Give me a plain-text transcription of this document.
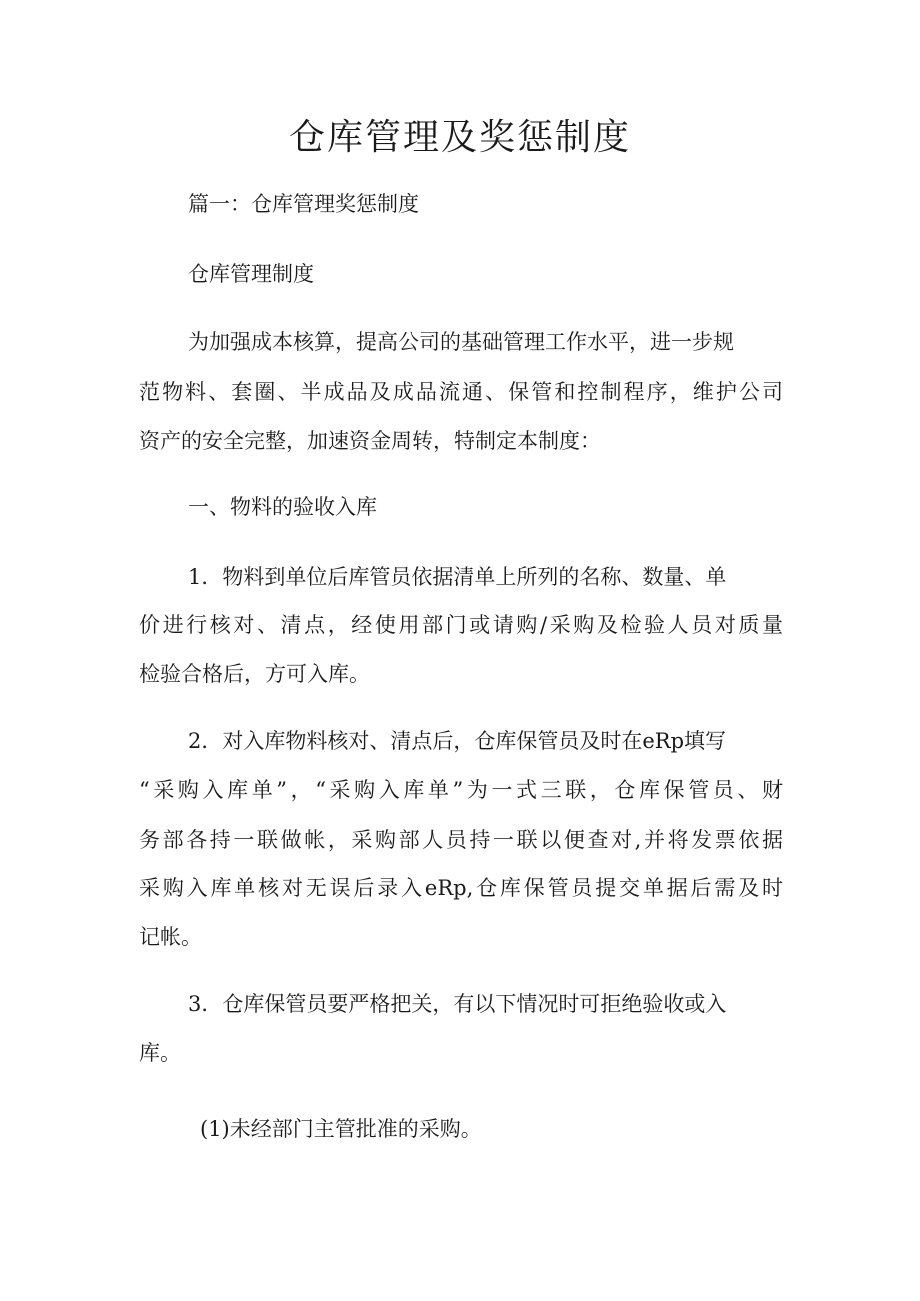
仓库管理及奖惩制度

篇一：仓库管理奖惩制度

仓库管理制度

为加强成本核算，提高公司的基础管理工作水平，进一步规

范物料、套圈、半成品及成品流通、保管和控制程序，维护公司

资产的安全完整，加速资金周转，特制定本制度：

一、物料的验收入库

1．物料到单位后库管员依据清单上所列的名称、数量、单

价进行核对、清点，经使用部门或请购/采购及检验人员对质量

检验合格后，方可入库。

2．对入库物料核对、清点后，仓库保管员及时在eRp填写

“采购入库单”，“采购入库单”为一式三联，仓库保管员、财

务部各持一联做帐，采购部人员持一联以便查对,并将发票依据

采购入库单核对无误后录入eRp,仓库保管员提交单据后需及时

记帐。

3．仓库保管员要严格把关，有以下情况时可拒绝验收或入

库。

(1)未经部门主管批准的采购。
